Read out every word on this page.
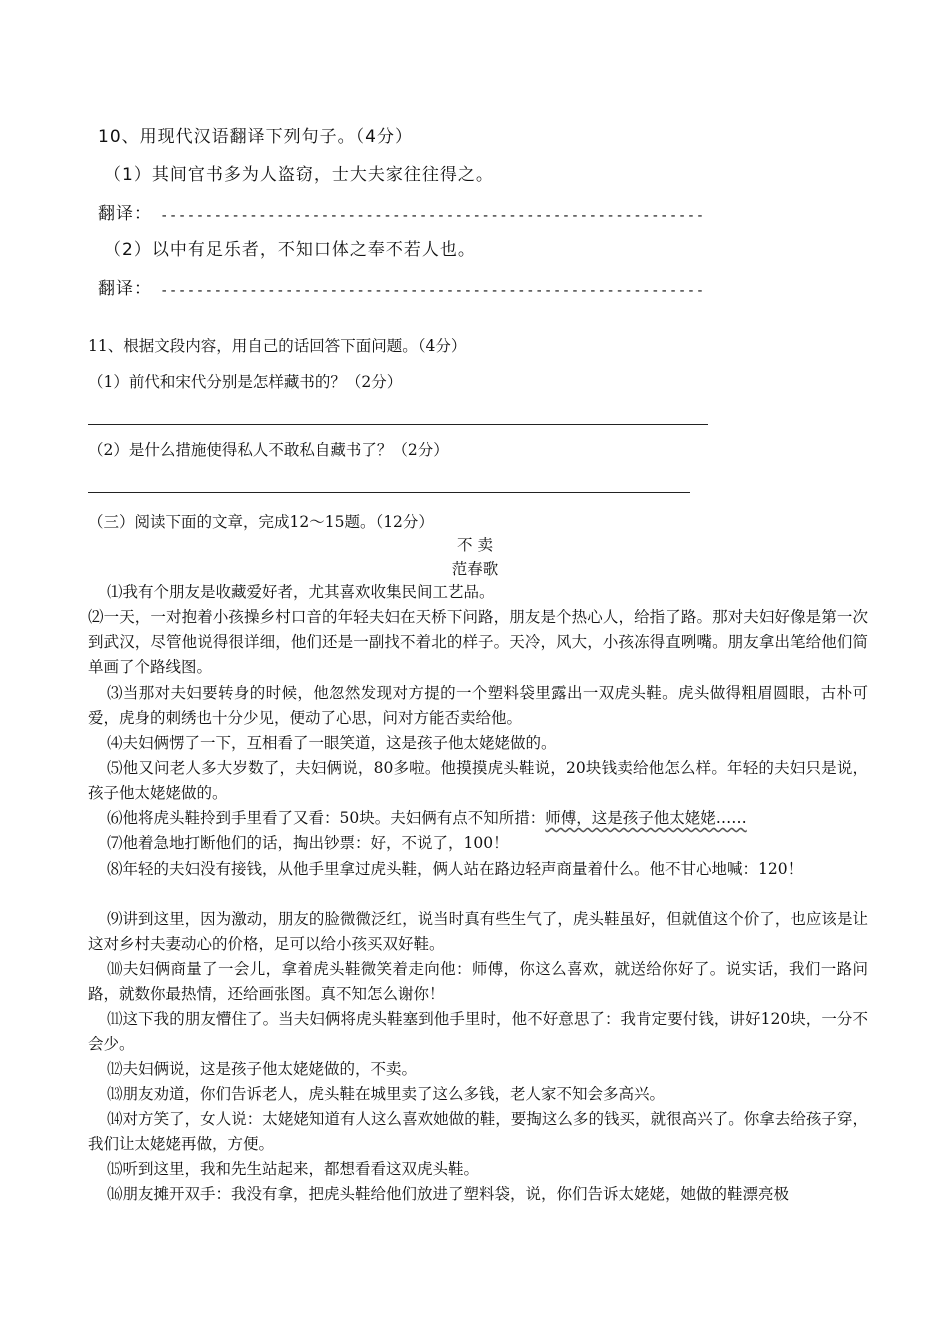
10、用现代汉语翻译下列句子。（4分）
（1）其间官书多为人盗窃，士大夫家往往得之。
翻译： -------------------------------------------------------------
（2）以中有足乐者，不知口体之奉不若人也。
翻译： -------------------------------------------------------------
11、根据文段内容，用自己的话回答下面问题。（4分）
（1）前代和宋代分别是怎样藏书的？（2分）
（2）是什么措施使得私人不敢私自藏书了？（2分）
（三）阅读下面的文章，完成12～15题。（12分）
不 卖
范春歌
⑴我有个朋友是收藏爱好者，尤其喜欢收集民间工艺品。
⑵一天，一对抱着小孩操乡村口音的年轻夫妇在天桥下问路，朋友是个热心人，给指了路。那对夫妇好像是第一次到武汉，尽管他说得很详细，他们还是一副找不着北的样子。天冷，风大，小孩冻得直咧嘴。朋友拿出笔给他们简单画了个路线图。
⑶当那对夫妇要转身的时候，他忽然发现对方提的一个塑料袋里露出一双虎头鞋。虎头做得粗眉圆眼，古朴可爱，虎身的刺绣也十分少见，便动了心思，问对方能否卖给他。
⑷夫妇俩愣了一下，互相看了一眼笑道，这是孩子他太姥姥做的。
⑸他又问老人多大岁数了，夫妇俩说，80多啦。他摸摸虎头鞋说，20块钱卖给他怎么样。年轻的夫妇只是说，孩子他太姥姥做的。
⑹他将虎头鞋拎到手里看了又看：50块。夫妇俩有点不知所措：师傅，这是孩子他太姥姥……
⑺他着急地打断他们的话，掏出钞票：好，不说了，100！
⑻年轻的夫妇没有接钱，从他手里拿过虎头鞋，俩人站在路边轻声商量着什么。他不甘心地喊：120！
⑼讲到这里，因为激动，朋友的脸微微泛红，说当时真有些生气了，虎头鞋虽好，但就值这个价了，也应该是让这对乡村夫妻动心的价格，足可以给小孩买双好鞋。
⑽夫妇俩商量了一会儿，拿着虎头鞋微笑着走向他：师傅，你这么喜欢，就送给你好了。说实话，我们一路问路，就数你最热情，还给画张图。真不知怎么谢你！
⑾这下我的朋友懵住了。当夫妇俩将虎头鞋塞到他手里时，他不好意思了：我肯定要付钱，讲好120块，一分不会少。
⑿夫妇俩说，这是孩子他太姥姥做的，不卖。
⒀朋友劝道，你们告诉老人，虎头鞋在城里卖了这么多钱，老人家不知会多高兴。
⒁对方笑了，女人说：太姥姥知道有人这么喜欢她做的鞋，要掏这么多的钱买，就很高兴了。你拿去给孩子穿，我们让太姥姥再做，方便。
⒂听到这里，我和先生站起来，都想看看这双虎头鞋。
⒃朋友摊开双手：我没有拿，把虎头鞋给他们放进了塑料袋，说，你们告诉太姥姥，她做的鞋漂亮极
